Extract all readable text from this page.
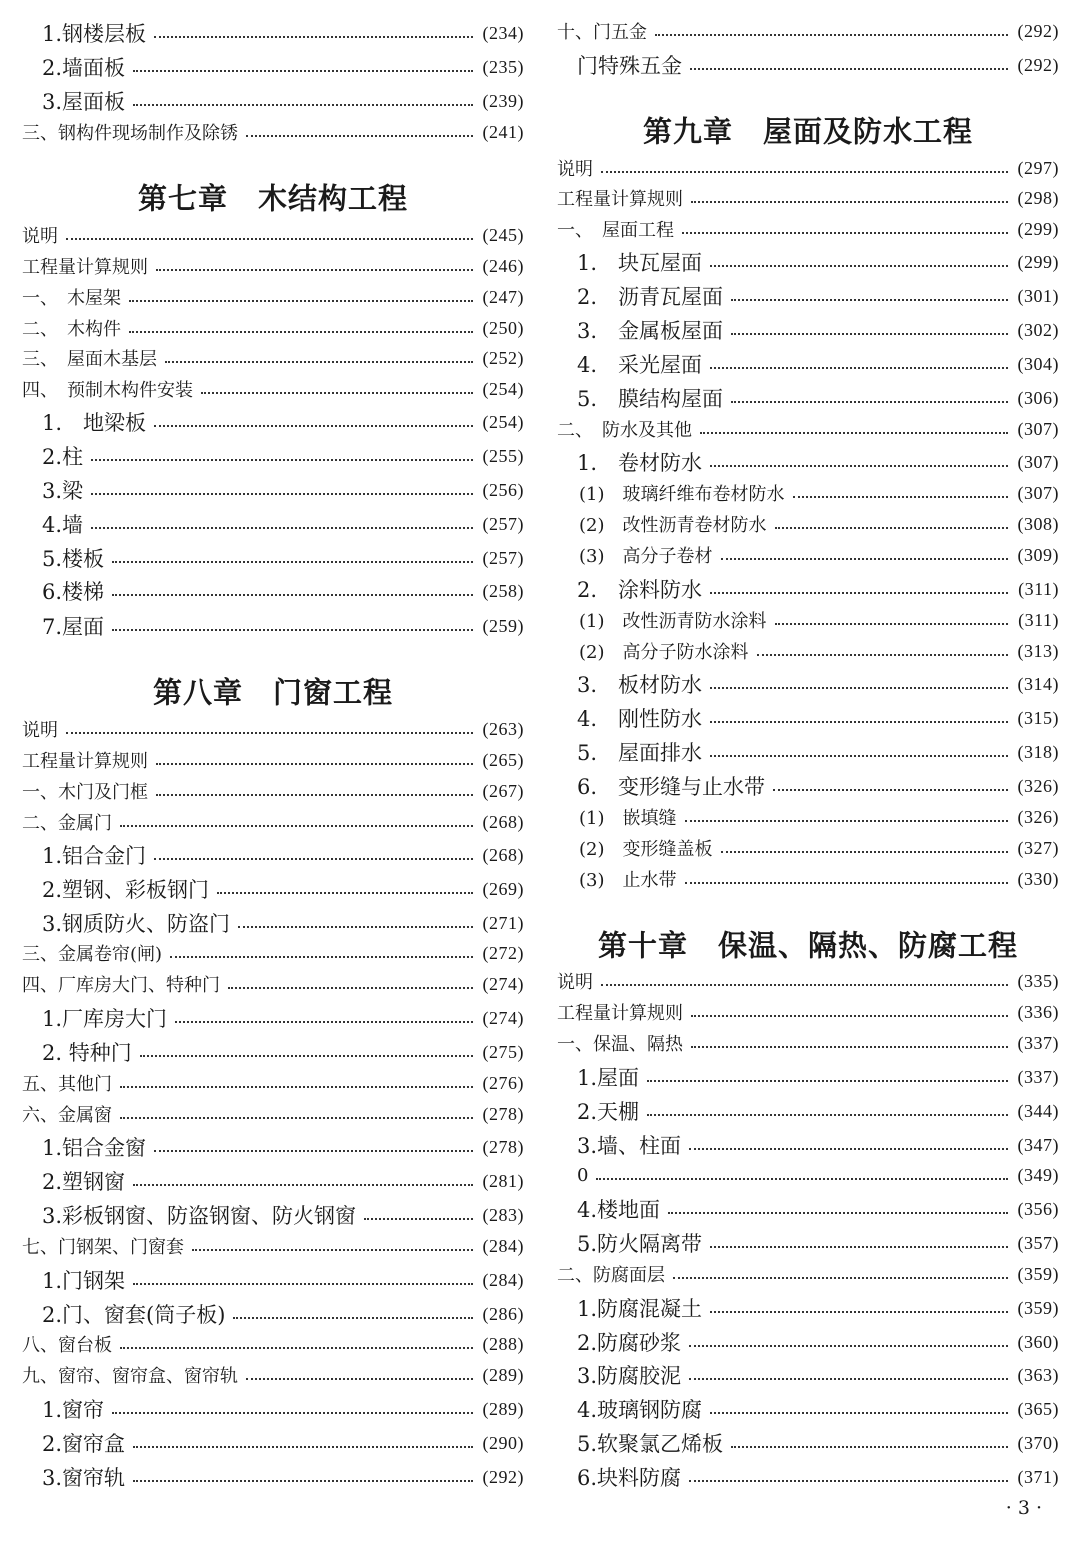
1.钢楼层板	(234)
2.墙面板	(235)
3.屋面板	(239)
三、钢构件现场制作及除锈	(241)
第七章　木结构工程
说明	(245)
工程量计算规则	(246)
一、　木屋架	(247)
二、　木构件	(250)
三、　屋面木基层	(252)
四、　预制木构件安装	(254)
1.　地梁板	(254)
2.柱	(255)
3.梁	(256)
4.墙	(257)
5.楼板	(257)
6.楼梯	(258)
7.屋面	(259)
第八章　门窗工程
说明	(263)
工程量计算规则	(265)
一、木门及门框	(267)
二、金属门	(268)
1.铝合金门	(268)
2.塑钢、彩板钢门	(269)
3.钢质防火、防盗门	(271)
三、金属卷帘(闸)	(272)
四、厂库房大门、特种门	(274)
1.厂库房大门	(274)
2. 特种门	(275)
五、其他门	(276)
六、金属窗	(278)
1.铝合金窗	(278)
2.塑钢窗	(281)
3.彩板钢窗、防盗钢窗、防火钢窗	(283)
七、门钢架、门窗套	(284)
1.门钢架	(284)
2.门、窗套(筒子板)	(286)
八、窗台板	(288)
九、窗帘、窗帘盒、窗帘轨	(289)
1.窗帘	(289)
2.窗帘盒	(290)
3.窗帘轨	(292)
十、门五金	(292)
门特殊五金	(292)
第九章　屋面及防水工程
说明	(297)
工程量计算规则	(298)
一、　屋面工程	(299)
1.　块瓦屋面	(299)
2.　沥青瓦屋面	(301)
3.　金属板屋面	(302)
4.　采光屋面	(304)
5.　膜结构屋面	(306)
二、　防水及其他	(307)
1.　卷材防水	(307)
(1)　玻璃纤维布卷材防水	(307)
(2)　改性沥青卷材防水	(308)
(3)　高分子卷材	(309)
2.　涂料防水	(311)
(1)　改性沥青防水涂料	(311)
(2)　高分子防水涂料	(313)
3.　板材防水	(314)
4.　刚性防水	(315)
5.　屋面排水	(318)
6.　变形缝与止水带	(326)
(1)　嵌填缝	(326)
(2)　变形缝盖板	(327)
(3)　止水带	(330)
第十章　保温、隔热、防腐工程
说明	(335)
工程量计算规则	(336)
一、保温、隔热	(337)
1.屋面	(337)
2.天棚	(344)
3.墙、柱面	(347)
0	(349)
4.楼地面	(356)
5.防火隔离带	(357)
二、防腐面层	(359)
1.防腐混凝土	(359)
2.防腐砂浆	(360)
3.防腐胶泥	(363)
4.玻璃钢防腐	(365)
5.软聚氯乙烯板	(370)
6.块料防腐	(371)
· 3 ·
